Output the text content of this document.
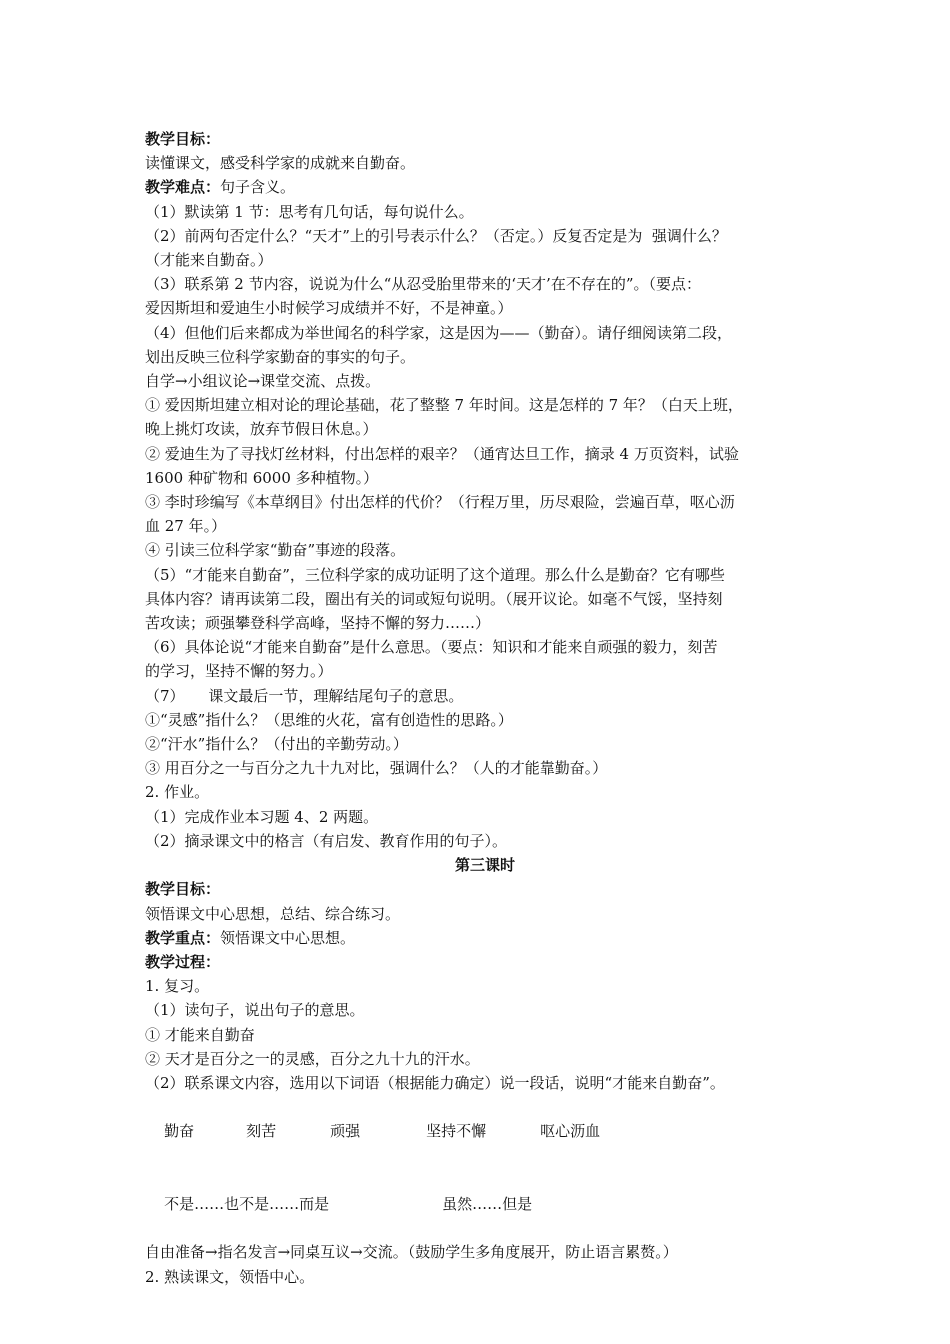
教学目标：
读懂课文，感受科学家的成就来自勤奋。
教学难点：句子含义。
（1）默读第 1 节：思考有几句话，每句说什么。
（2）前两句否定什么？“天才”上的引号表示什么？（否定。）反复否定是为  强调什么？
（才能来自勤奋。）
（3）联系第 2 节内容，说说为什么“从忍受胎里带来的‘天才’在不存在的”。（要点：
爱因斯坦和爱迪生小时候学习成绩并不好，不是神童。）
（4）但他们后来都成为举世闻名的科学家，这是因为——（勤奋）。请仔细阅读第二段，
划出反映三位科学家勤奋的事实的句子。
自学→小组议论→课堂交流、点拨。
① 爱因斯坦建立相对论的理论基础，花了整整 7 年时间。这是怎样的 7 年？（白天上班，
晚上挑灯攻读，放弃节假日休息。）
② 爱迪生为了寻找灯丝材料，付出怎样的艰辛？（通宵达旦工作，摘录 4 万页资料，试验
1600 种矿物和 6000 多种植物。）
③ 李时珍编写《本草纲目》付出怎样的代价？（行程万里，历尽艰险，尝遍百草，呕心沥
血 27 年。）
④ 引读三位科学家“勤奋”事迹的段落。
（5）“才能来自勤奋”，三位科学家的成功证明了这个道理。那么什么是勤奋？它有哪些
具体内容？请再读第二段，圈出有关的词或短句说明。（展开议论。如毫不气馁，坚持刻
苦攻读；顽强攀登科学高峰，坚持不懈的努力……）
（6）具体论说“才能来自勤奋”是什么意思。（要点：知识和才能来自顽强的毅力，刻苦
的学习，坚持不懈的努力。）
（7）     课文最后一节，理解结尾句子的意思。
①“灵感”指什么？（思维的火花，富有创造性的思路。）
②“汗水”指什么？（付出的辛勤劳动。）
③ 用百分之一与百分之九十九对比，强调什么？（人的才能靠勤奋。）
2. 作业。
（1）完成作业本习题 4、2 两题。
（2）摘录课文中的格言（有启发、教育作用的句子）。
第三课时
教学目标：
领悟课文中心思想，总结、综合练习。
教学重点：领悟课文中心思想。
教学过程：
1. 复习。
（1）读句子，说出句子的意思。
① 才能来自勤奋
② 天才是百分之一的灵感，百分之九十九的汗水。
（2）联系课文内容，选用以下词语（根据能力确定）说一段话，说明“才能来自勤奋”。

勤奋	刻苦	顽强	坚持不懈	呕心沥血

不是……也不是……而是	虽然……但是

自由准备→指名发言→同桌互议→交流。（鼓励学生多角度展开，防止语言累赘。）
2. 熟读课文，领悟中心。
